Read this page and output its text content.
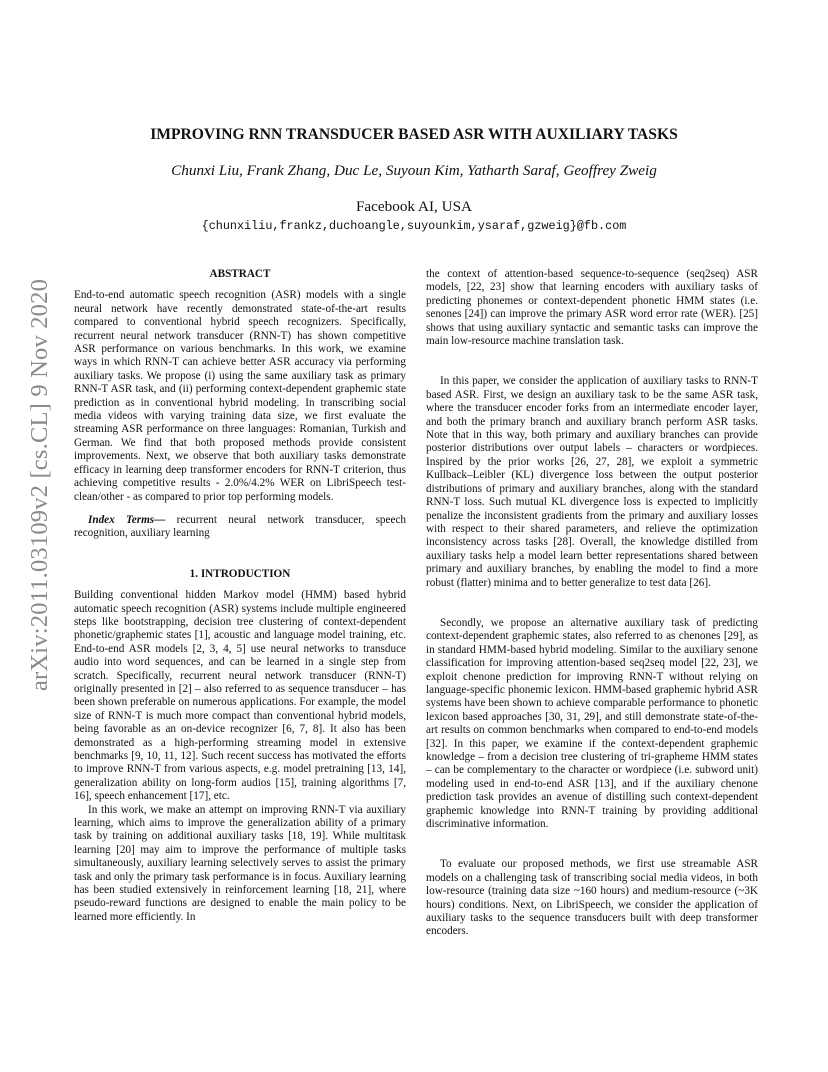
arXiv:2011.03109v2 [cs.CL] 9 Nov 2020
IMPROVING RNN TRANSDUCER BASED ASR WITH AUXILIARY TASKS
Chunxi Liu, Frank Zhang, Duc Le, Suyoun Kim, Yatharth Saraf, Geoffrey Zweig
Facebook AI, USA
{chunxiliu,frankz,duchoangle,suyounkim,ysaraf,gzweig}@fb.com
ABSTRACT

End-to-end automatic speech recognition (ASR) models with a single neural network have recently demonstrated state-of-the-art results compared to conventional hybrid speech recognizers. Specifically, recurrent neural network transducer (RNN-T) has shown competitive ASR performance on various benchmarks. In this work, we examine ways in which RNN-T can achieve better ASR accuracy via performing auxiliary tasks. We propose (i) using the same auxiliary task as primary RNN-T ASR task, and (ii) performing context-dependent graphemic state prediction as in conventional hybrid modeling. In transcribing social media videos with varying training data size, we first evaluate the streaming ASR performance on three languages: Romanian, Turkish and German. We find that both proposed methods provide consistent improvements. Next, we observe that both auxiliary tasks demonstrate efficacy in learning deep transformer encoders for RNN-T criterion, thus achieving competitive results - 2.0%/4.2% WER on LibriSpeech test-clean/other - as compared to prior top performing models.

Index Terms— recurrent neural network transducer, speech recognition, auxiliary learning

1. INTRODUCTION

Building conventional hidden Markov model (HMM) based hybrid automatic speech recognition (ASR) systems include multiple engineered steps like bootstrapping, decision tree clustering of context-dependent phonetic/graphemic states [1], acoustic and language model training, etc. End-to-end ASR models [2, 3, 4, 5] use neural networks to transduce audio into word sequences, and can be learned in a single step from scratch. Specifically, recurrent neural network transducer (RNN-T) originally presented in [2] – also referred to as sequence transducer – has been shown preferable on numerous applications. For example, the model size of RNN-T is much more compact than conventional hybrid models, being favorable as an on-device recognizer [6, 7, 8]. It also has been demonstrated as a high-performing streaming model in extensive benchmarks [9, 10, 11, 12]. Such recent success has motivated the efforts to improve RNN-T from various aspects, e.g. model pretraining [13, 14], generalization ability on long-form audios [15], training algorithms [7, 16], speech enhancement [17], etc.

In this work, we make an attempt on improving RNN-T via auxiliary learning, which aims to improve the generalization ability of a primary task by training on additional auxiliary tasks [18, 19]. While multitask learning [20] may aim to improve the performance of multiple tasks simultaneously, auxiliary learning selectively serves to assist the primary task and only the primary task performance is in focus. Auxiliary learning has been studied extensively in reinforcement learning [18, 21], where pseudo-reward functions are designed to enable the main policy to be learned more efficiently. In

the context of attention-based sequence-to-sequence (seq2seq) ASR models, [22, 23] show that learning encoders with auxiliary tasks of predicting phonemes or context-dependent phonetic HMM states (i.e. senones [24]) can improve the primary ASR word error rate (WER). [25] shows that using auxiliary syntactic and semantic tasks can improve the main low-resource machine translation task.

In this paper, we consider the application of auxiliary tasks to RNN-T based ASR. First, we design an auxiliary task to be the same ASR task, where the transducer encoder forks from an intermediate encoder layer, and both the primary branch and auxiliary branch perform ASR tasks. Note that in this way, both primary and auxiliary branches can provide posterior distributions over output labels – characters or wordpieces. Inspired by the prior works [26, 27, 28], we exploit a symmetric Kullback–Leibler (KL) divergence loss between the output posterior distributions of primary and auxiliary branches, along with the standard RNN-T loss. Such mutual KL divergence loss is expected to implicitly penalize the inconsistent gradients from the primary and auxiliary losses with respect to their shared parameters, and relieve the optimization inconsistency across tasks [28]. Overall, the knowledge distilled from auxiliary tasks help a model learn better representations shared between primary and auxiliary branches, by enabling the model to find a more robust (flatter) minima and to better generalize to test data [26].

Secondly, we propose an alternative auxiliary task of predicting context-dependent graphemic states, also referred to as chenones [29], as in standard HMM-based hybrid modeling. Similar to the auxiliary senone classification for improving attention-based seq2seq model [22, 23], we exploit chenone prediction for improving RNN-T without relying on language-specific phonemic lexicon. HMM-based graphemic hybrid ASR systems have been shown to achieve comparable performance to phonetic lexicon based approaches [30, 31, 29], and still demonstrate state-of-the-art results on common benchmarks when compared to end-to-end models [32]. In this paper, we examine if the context-dependent graphemic knowledge – from a decision tree clustering of tri-grapheme HMM states – can be complementary to the character or wordpiece (i.e. subword unit) modeling used in end-to-end ASR [13], and if the auxiliary chenone prediction task provides an avenue of distilling such context-dependent graphemic knowledge into RNN-T training by providing additional discriminative information.

To evaluate our proposed methods, we first use streamable ASR models on a challenging task of transcribing social media videos, in both low-resource (training data size ~160 hours) and medium-resource (~3K hours) conditions. Next, on LibriSpeech, we consider the application of auxiliary tasks to the sequence transducers built with deep transformer encoders.
